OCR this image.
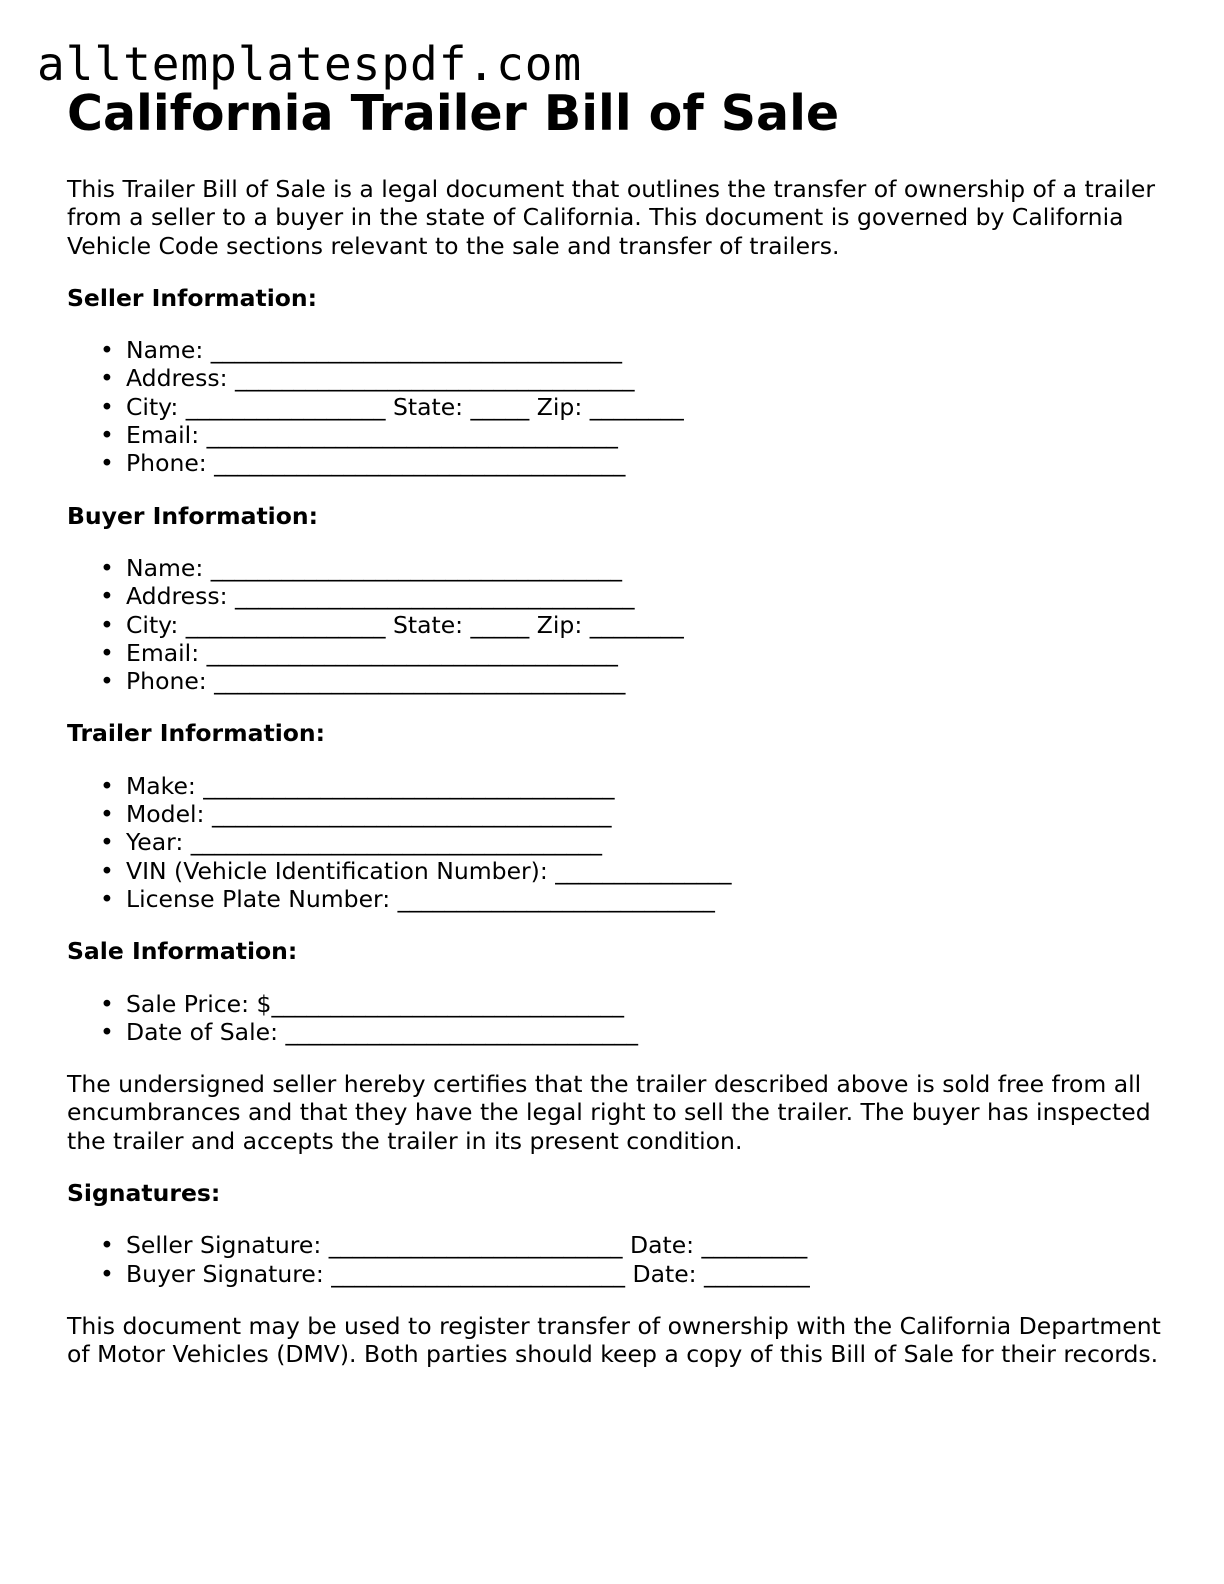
alltemplatespdf.com
California Trailer Bill of Sale

This Trailer Bill of Sale is a legal document that outlines the transfer of ownership of a trailer from a seller to a buyer in the state of California. This document is governed by California Vehicle Code sections relevant to the sale and transfer of trailers.

Seller Information:
• Name: ___________________________________
• Address: __________________________________
• City: _________________ State: _____ Zip: ________
• Email: ___________________________________
• Phone: ___________________________________
Buyer Information:
• Name: ___________________________________
• Address: __________________________________
• City: _________________ State: _____ Zip: ________
• Email: ___________________________________
• Phone: ___________________________________
Trailer Information:
• Make: ___________________________________
• Model: __________________________________
• Year: ___________________________________
• VIN (Vehicle Identification Number): _______________
• License Plate Number: ___________________________
Sale Information:
• Sale Price: $______________________________
• Date of Sale: ______________________________

The undersigned seller hereby certifies that the trailer described above is sold free from all encumbrances and that they have the legal right to sell the trailer. The buyer has inspected the trailer and accepts the trailer in its present condition.

Signatures:
• Seller Signature: _________________________ Date: _________
• Buyer Signature: _________________________ Date: _________

This document may be used to register transfer of ownership with the California Department of Motor Vehicles (DMV). Both parties should keep a copy of this Bill of Sale for their records.
